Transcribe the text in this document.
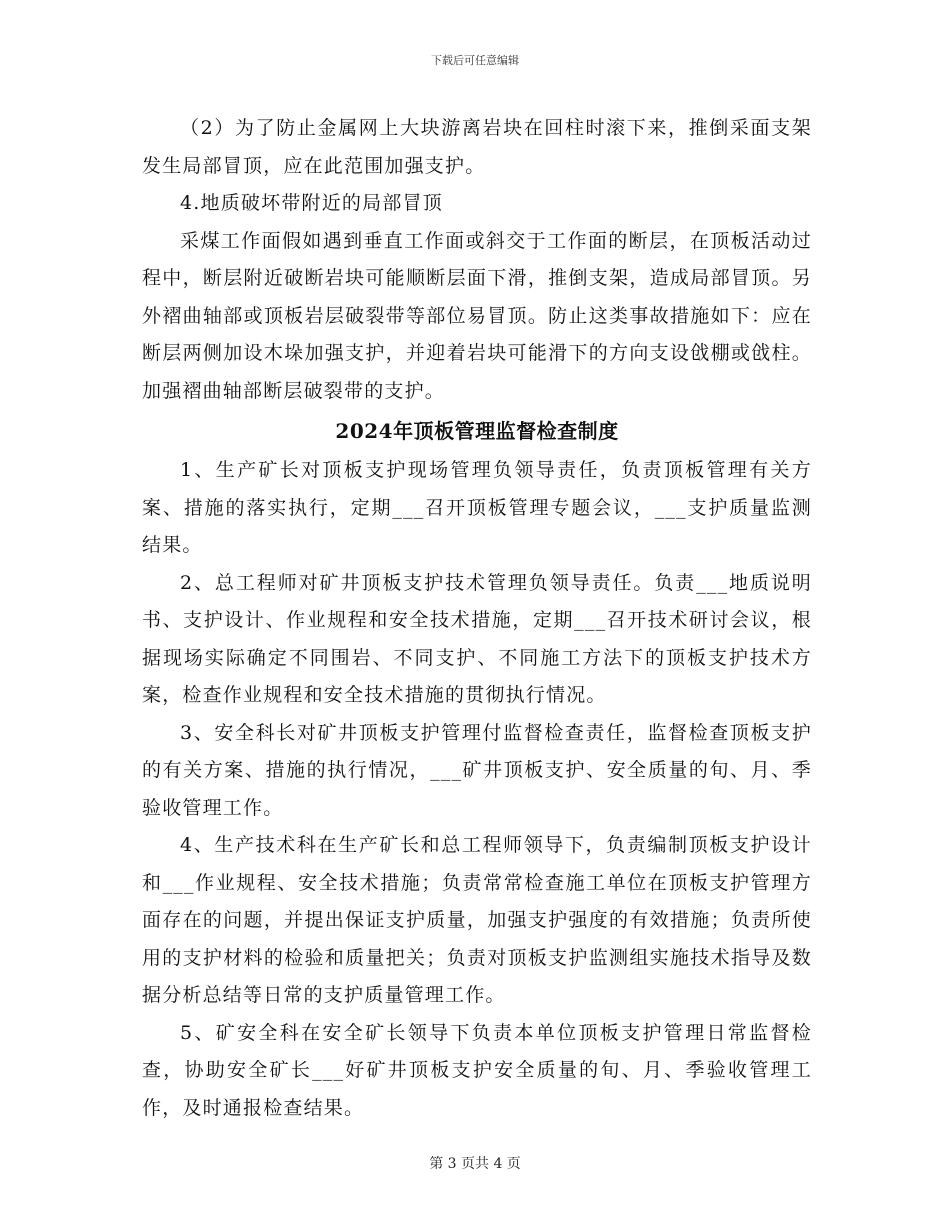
下载后可任意编辑

（2）为了防止金属网上大块游离岩块在回柱时滚下来，推倒采面支架发生局部冒顶，应在此范围加强支护。

4.地质破坏带附近的局部冒顶

采煤工作面假如遇到垂直工作面或斜交于工作面的断层，在顶板活动过程中，断层附近破断岩块可能顺断层面下滑，推倒支架，造成局部冒顶。另外褶曲轴部或顶板岩层破裂带等部位易冒顶。防止这类事故措施如下：应在断层两侧加设木垛加强支护，并迎着岩块可能滑下的方向支设戗棚或戗柱。加强褶曲轴部断层破裂带的支护。

2024年顶板管理监督检查制度

1、生产矿长对顶板支护现场管理负领导责任，负责顶板管理有关方案、措施的落实执行，定期___召开顶板管理专题会议，___支护质量监测结果。

2、总工程师对矿井顶板支护技术管理负领导责任。负责___地质说明书、支护设计、作业规程和安全技术措施，定期___召开技术研讨会议，根据现场实际确定不同围岩、不同支护、不同施工方法下的顶板支护技术方案，检查作业规程和安全技术措施的贯彻执行情况。

3、安全科长对矿井顶板支护管理付监督检查责任，监督检查顶板支护的有关方案、措施的执行情况，___矿井顶板支护、安全质量的旬、月、季验收管理工作。

4、生产技术科在生产矿长和总工程师领导下，负责编制顶板支护设计和___作业规程、安全技术措施；负责常常检查施工单位在顶板支护管理方面存在的问题，并提出保证支护质量，加强支护强度的有效措施；负责所使用的支护材料的检验和质量把关；负责对顶板支护监测组实施技术指导及数据分析总结等日常的支护质量管理工作。

5、矿安全科在安全矿长领导下负责本单位顶板支护管理日常监督检查，协助安全矿长___好矿井顶板支护安全质量的旬、月、季验收管理工作，及时通报检查结果。

第 3 页共 4 页
